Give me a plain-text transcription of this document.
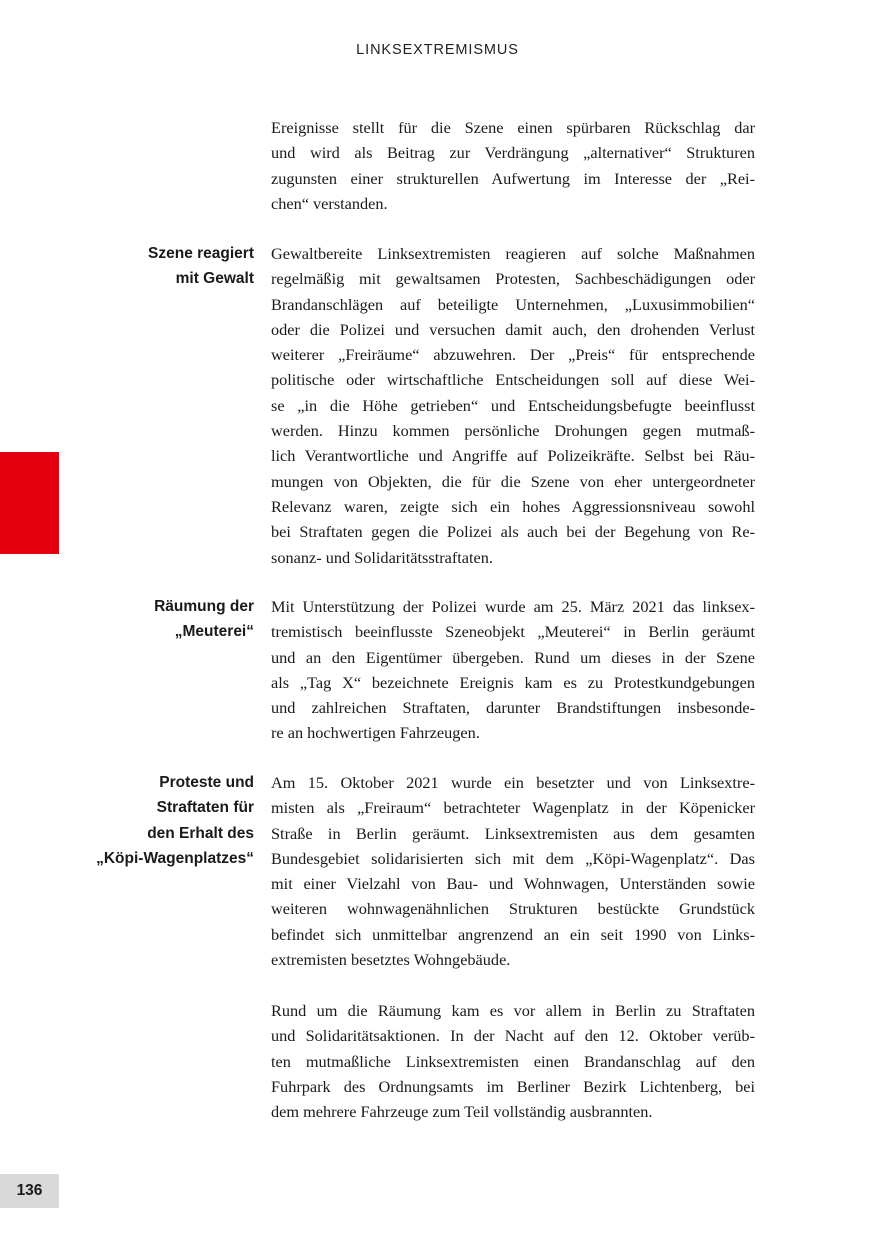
LINKSEXTREMISMUS
136
Ereignisse stellt für die Szene einen spürbaren Rückschlag dar
und wird als Beitrag zur Verdrängung „alternativer“ Strukturen
zugunsten einer strukturellen Aufwertung im Interesse der „Rei-
chen“ verstanden.
Szene reagiert
mit Gewalt
Gewaltbereite Linksextremisten reagieren auf solche Maßnahmen
regelmäßig mit gewaltsamen Protesten, Sachbeschädigungen oder
Brandanschlägen auf beteiligte Unternehmen, „Luxusimmobilien“
oder die Polizei und versuchen damit auch, den drohenden Verlust
weiterer „Freiräume“ abzuwehren. Der „Preis“ für entsprechende
politische oder wirtschaftliche Entscheidungen soll auf diese Wei-
se „in die Höhe getrieben“ und Entscheidungsbefugte beeinflusst
werden. Hinzu kommen persönliche Drohungen gegen mutmaß-
lich Verantwortliche und Angriffe auf Polizeikräfte. Selbst bei Räu-
mungen von Objekten, die für die Szene von eher untergeordneter
Relevanz waren, zeigte sich ein hohes Aggressionsniveau sowohl
bei Straftaten gegen die Polizei als auch bei der Begehung von Re-
sonanz- und Solidaritätsstraftaten.
Räumung der
„Meuterei“
Mit Unterstützung der Polizei wurde am 25. März 2021 das linksex-
tremistisch beeinflusste Szeneobjekt „Meuterei“ in Berlin geräumt
und an den Eigentümer übergeben. Rund um dieses in der Szene
als „Tag X“ bezeichnete Ereignis kam es zu Protestkundgebungen
und zahlreichen Straftaten, darunter Brandstiftungen insbesonde-
re an hochwertigen Fahrzeugen.
Proteste und
Straftaten für
den Erhalt des
„Köpi-Wagenplatzes“
Am 15. Oktober 2021 wurde ein besetzter und von Linksextre-
misten als „Freiraum“ betrachteter Wagenplatz in der Köpenicker
Straße in Berlin geräumt. Linksextremisten aus dem gesamten
Bundesgebiet solidarisierten sich mit dem „Köpi-Wagenplatz“. Das
mit einer Vielzahl von Bau- und Wohnwagen, Unterständen sowie
weiteren wohnwagenähnlichen Strukturen bestückte Grundstück
befindet sich unmittelbar angrenzend an ein seit 1990 von Links-
extremisten besetztes Wohngebäude.
Rund um die Räumung kam es vor allem in Berlin zu Straftaten
und Solidaritätsaktionen. In der Nacht auf den 12. Oktober verüb-
ten mutmaßliche Linksextremisten einen Brandanschlag auf den
Fuhrpark des Ordnungsamts im Berliner Bezirk Lichtenberg, bei
dem mehrere Fahrzeuge zum Teil vollständig ausbrannten.
